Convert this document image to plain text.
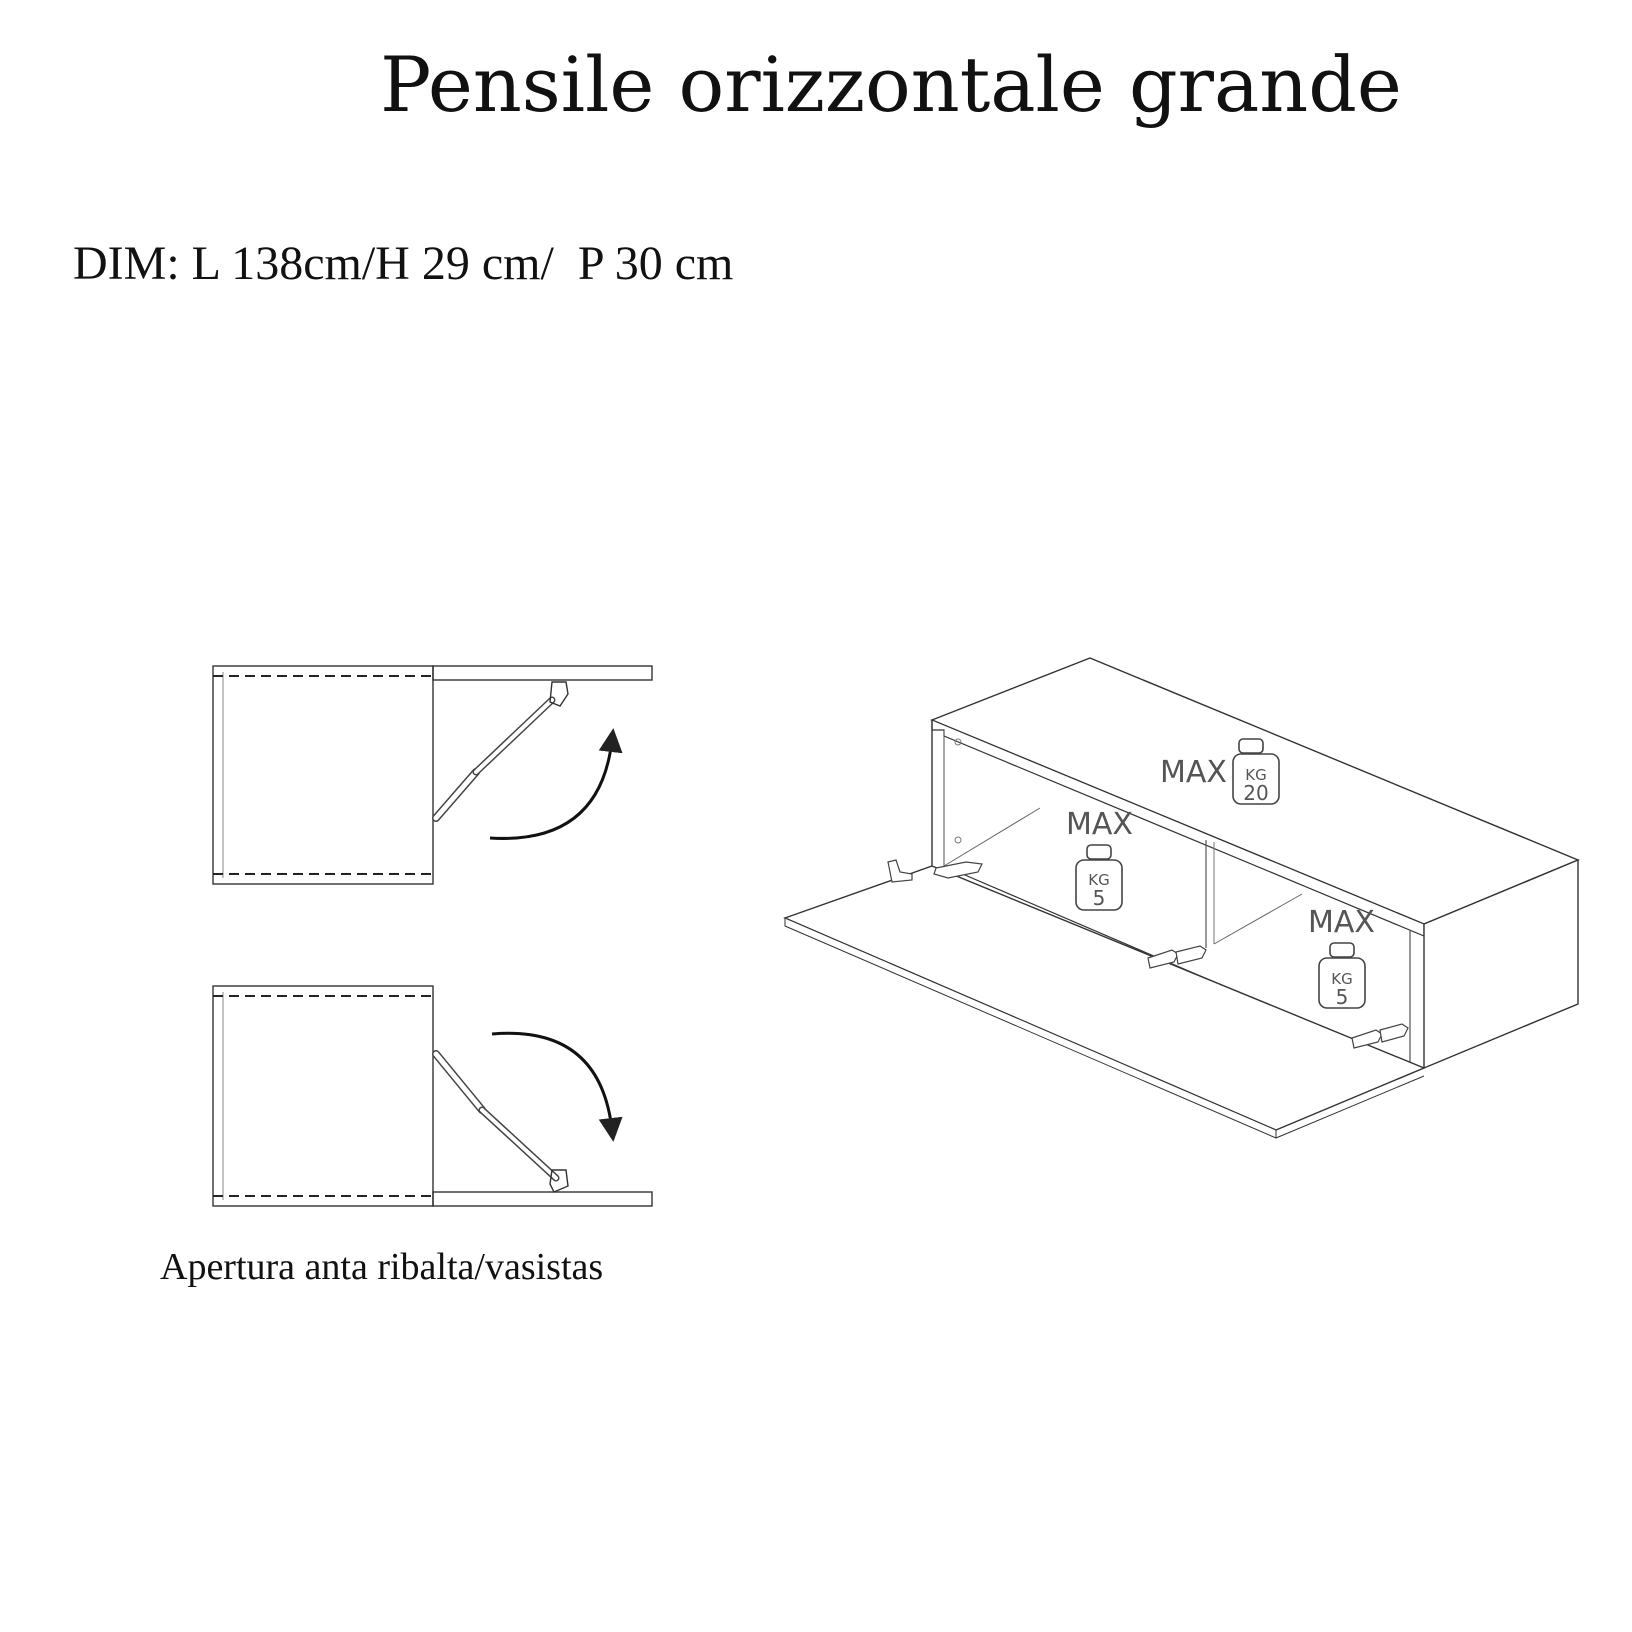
Pensile orizzontale grande
DIM: L 138cm/H 29 cm/  P 30 cm
Apertura anta ribalta/vasistas
MAX KG
20
MAX
KG
5
MAX
KG
5
